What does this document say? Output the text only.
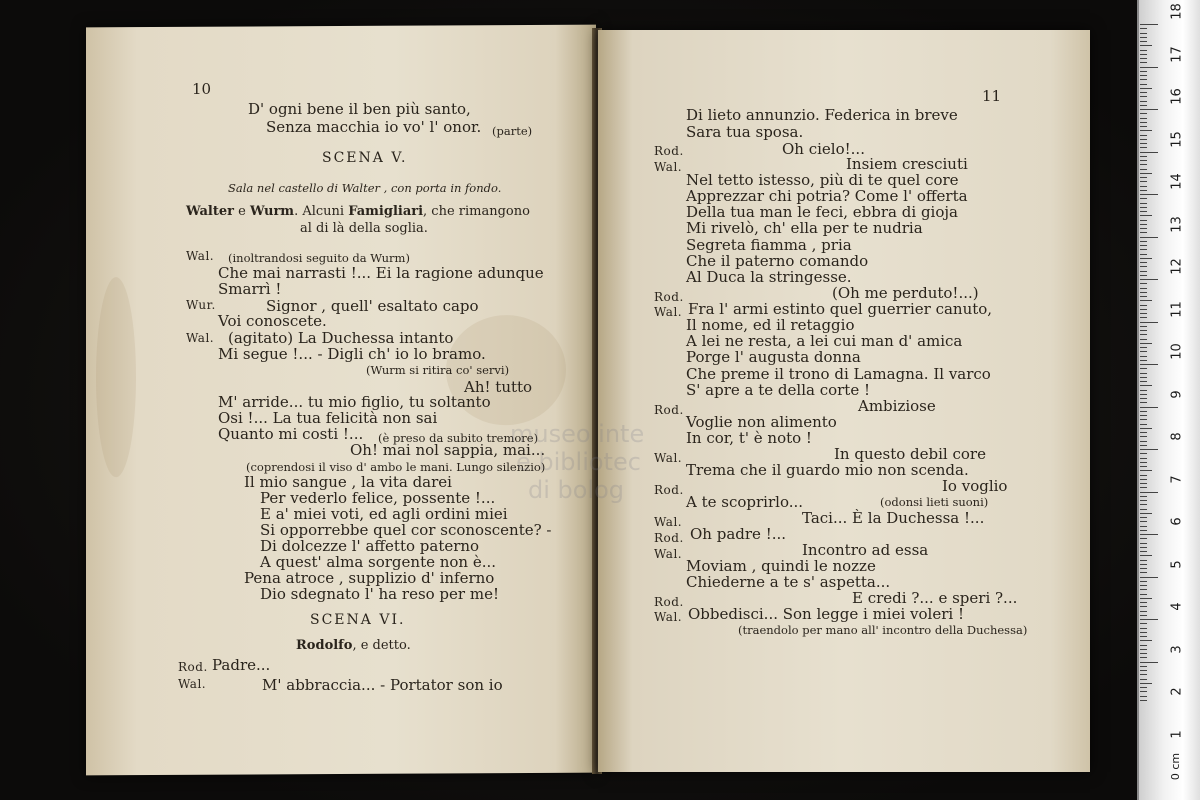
10
D' ogni bene il ben più santo,
Senza macchia io vo' l' onor. (parte)
SCENA V.
Sala nel castello di Walter , con porta in fondo.
Walter e Wurm. Alcuni Famigliari, che rimangono
al di là della soglia.
Wal. (inoltrandosi seguito da Wurm)
Che mai narrasti !... Ei la ragione adunque
Smarrì !
Wur.	Signor , quell' esaltato capo
Voi conoscete.
Wal. (agitato) La Duchessa intanto
Mi segue !... - Digli ch' io lo bramo.
(Wurm si ritira co' servi)
Ah! tutto
M' arride... tu mio figlio, tu soltanto
Osi !... La tua felicità non sai
Quanto mi costi !... (è preso da subito tremore)
Oh! mai nol sappia, mai...
(coprendosi il viso d' ambo le mani. Lungo silenzio)
Il mio sangue , la vita darei
Per vederlo felice, possente !...
E a' miei voti, ed agli ordini miei
Si opporrebbe quel cor sconoscente? -
Di dolcezze l' affetto paterno
A quest' alma sorgente non è...
Pena atroce , supplizio d' inferno
Dio sdegnato l' ha reso per me!
SCENA VI.
Rodolfo, e detto.
Rod. Padre...
Wal.	M' abbraccia... - Portator son io
museo inte
e bibliotec
di bolog
11
Di lieto annunzio. Federica in breve
Sara tua sposa.
Rod.	Oh cielo!...
Wal.	Insiem cresciuti
Nel tetto istesso, più di te quel core
Apprezzar chi potria? Come l' offerta
Della tua man le feci, ebbra di gioja
Mi rivelò, ch' ella per te nudria
Segreta fiamma , pria
Che il paterno comando
Al Duca la stringesse.
Rod.	(Oh me perduto!...)
Wal. Fra l' armi estinto quel guerrier canuto,
Il nome, ed il retaggio
A lei ne resta, a lei cui man d' amica
Porge l' augusta donna
Che preme il trono di Lamagna. Il varco
S' apre a te della corte !
Rod.	Ambiziose
Voglie non alimento
In cor, t' è noto !
Wal.	In questo debil core
Trema che il guardo mio non scenda.
Rod.	Io voglio
A te scoprirlo...	(odonsi lieti suoni)
Wal.	Taci... È la Duchessa !...
Rod. Oh padre !...
Wal.	Incontro ad essa
Moviam , quindi le nozze
Chiederne a te s' aspetta...
Rod.	E credi ?... e speri ?...
Wal. Obbedisci... Son legge i miei voleri !
(traendolo per mano all' incontro della Duchessa)
18
17
16
15
14
13
12
11
10
9
8
7
6
5
4
3
2
1
0 cm
